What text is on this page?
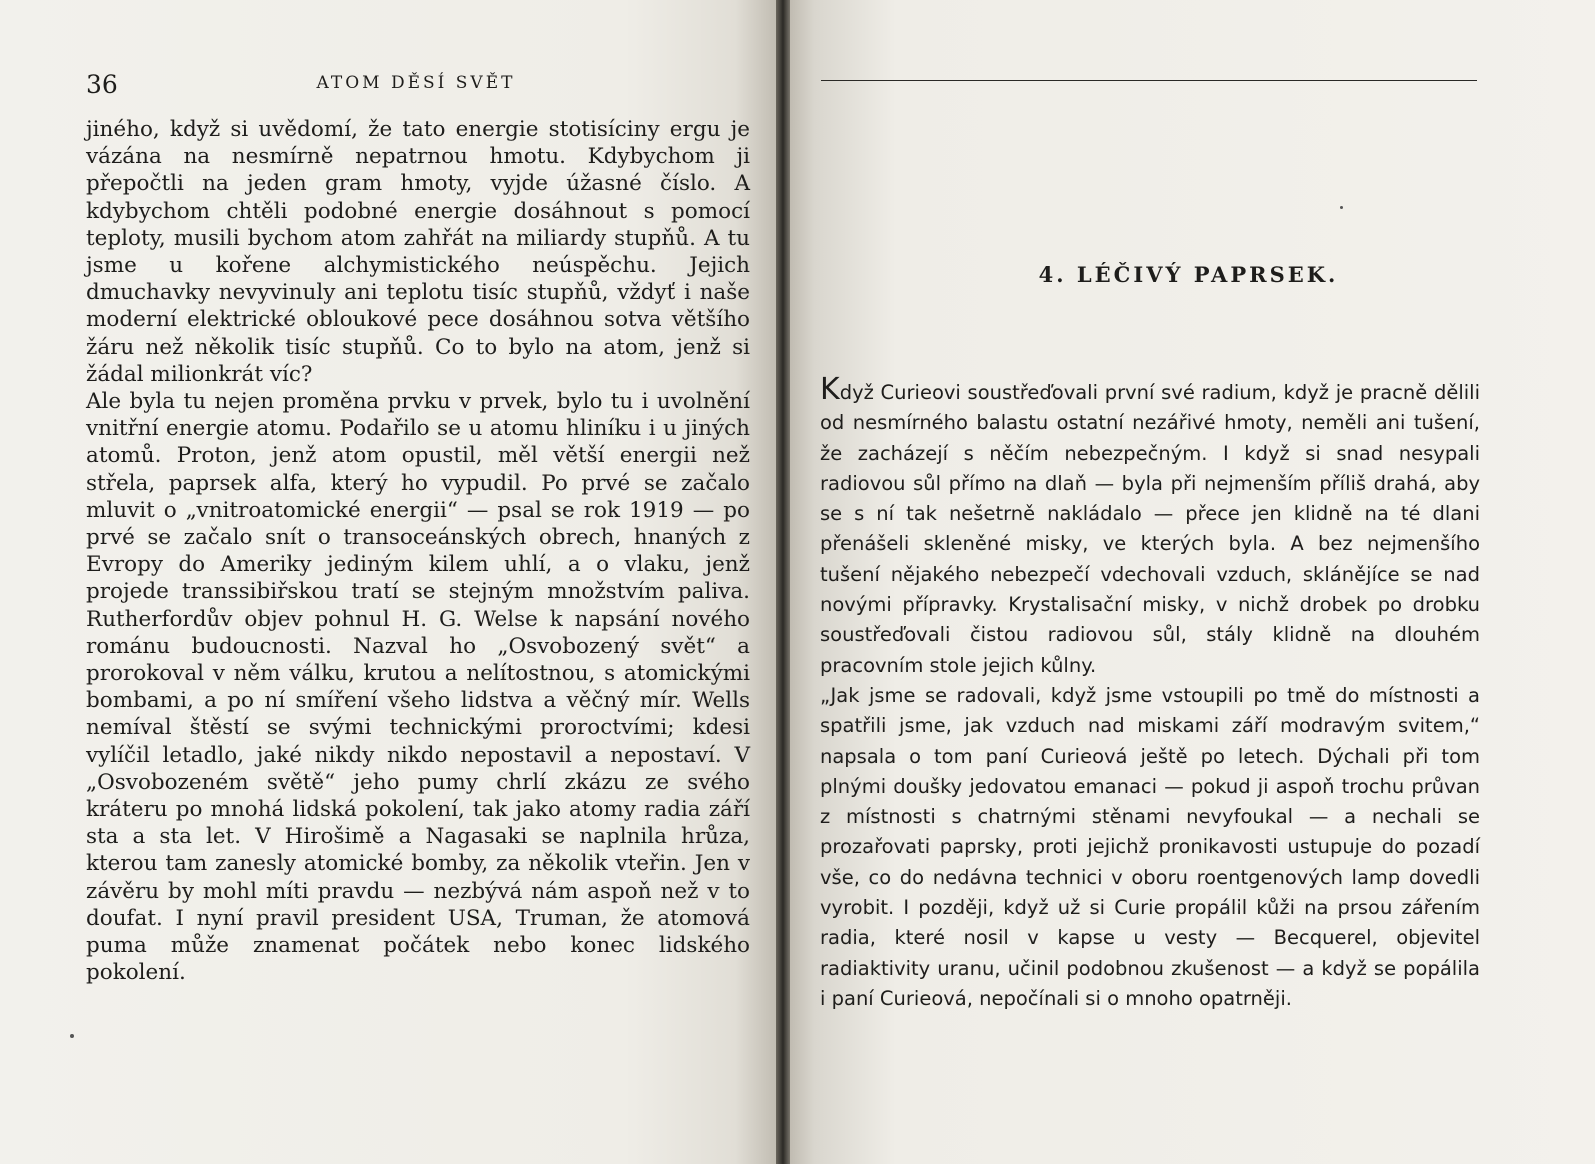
36	ATOM DĚSÍ SVĚT

jiného, když si uvědomí, že tato energie stotisíciny ergu je vázána na nesmírně nepatrnou hmotu. Kdybychom ji přepočtli na jeden gram hmoty, vyjde úžasné číslo. A kdybychom chtěli podobné energie dosáhnout s pomocí teploty, musili bychom atom zahřát na miliardy stupňů. A tu jsme u kořene alchymistického neúspěchu. Jejich dmuchavky nevyvinuly ani teplotu tisíc stupňů, vždyť i naše moderní elektrické obloukové pece dosáhnou sotva většího žáru než několik tisíc stupňů. Co to bylo na atom, jenž si žádal milionkrát víc?

Ale byla tu nejen proměna prvku v prvek, bylo tu i uvolnění vnitřní energie atomu. Podařilo se u atomu hliníku i u jiných atomů. Proton, jenž atom opustil, měl větší energii než střela, paprsek alfa, který ho vypudil. Po prvé se začalo mluvit o „vnitroatomické energii“ — psal se rok 1919 — po prvé se začalo snít o transoceánských obrech, hnaných z Evropy do Ameriky jediným kilem uhlí, a o vlaku, jenž projede transsibiřskou tratí se stejným množstvím paliva. Rutherfordův objev pohnul H. G. Welse k napsání nového románu budoucnosti. Nazval ho „Osvobozený svět“ a prorokoval v něm válku, krutou a nelítostnou, s atomickými bombami, a po ní smíření všeho lidstva a věčný mír. Wells nemíval štěstí se svými technickými proroctvími; kdesi vylíčil letadlo, jaké nikdy nikdo nepostavil a nepostaví. V „Osvobozeném světě“ jeho pumy chrlí zkázu ze svého kráteru po mnohá lidská pokolení, tak jako atomy radia září sta a sta let. V Hirošimě a Nagasaki se naplnila hrůza, kterou tam zanesly atomické bomby, za několik vteřin. Jen v závěru by mohl míti pravdu — nezbývá nám aspoň než v to doufat. I nyní pravil president USA, Truman, že atomová puma může znamenat počátek nebo konec lidského pokolení.

4. LÉČIVÝ PAPRSEK.

Když Curieovi soustřeďovali první své radium, když je pracně dělili od nesmírného balastu ostatní nezářivé hmoty, neměli ani tušení, že zacházejí s něčím nebezpečným. I když si snad nesypali radiovou sůl přímo na dlaň — byla při nejmenším příliš drahá, aby se s ní tak nešetrně nakládalo — přece jen klidně na té dlani přenášeli skleněné misky, ve kterých byla. A bez nejmenšího tušení nějakého nebezpečí vdechovali vzduch, sklánějíce se nad novými přípravky. Krystalisační misky, v nichž drobek po drobku soustřeďovali čistou radiovou sůl, stály klidně na dlouhém pracovním stole jejich kůlny.

„Jak jsme se radovali, když jsme vstoupili po tmě do místnosti a spatřili jsme, jak vzduch nad miskami září modravým svitem,“ napsala o tom paní Curieová ještě po letech. Dýchali při tom plnými doušky jedovatou emanaci — pokud ji aspoň trochu průvan z místnosti s chatrnými stěnami nevyfoukal — a nechali se prozařovati paprsky, proti jejichž pronikavosti ustupuje do pozadí vše, co do nedávna technici v oboru roentgenových lamp dovedli vyrobit. I později, když už si Curie propálil kůži na prsou zářením radia, které nosil v kapse u vesty — Becquerel, objevitel radiaktivity uranu, učinil podobnou zkušenost — a když se popálila i paní Curieová, nepočínali si o mnoho opatrněji.
